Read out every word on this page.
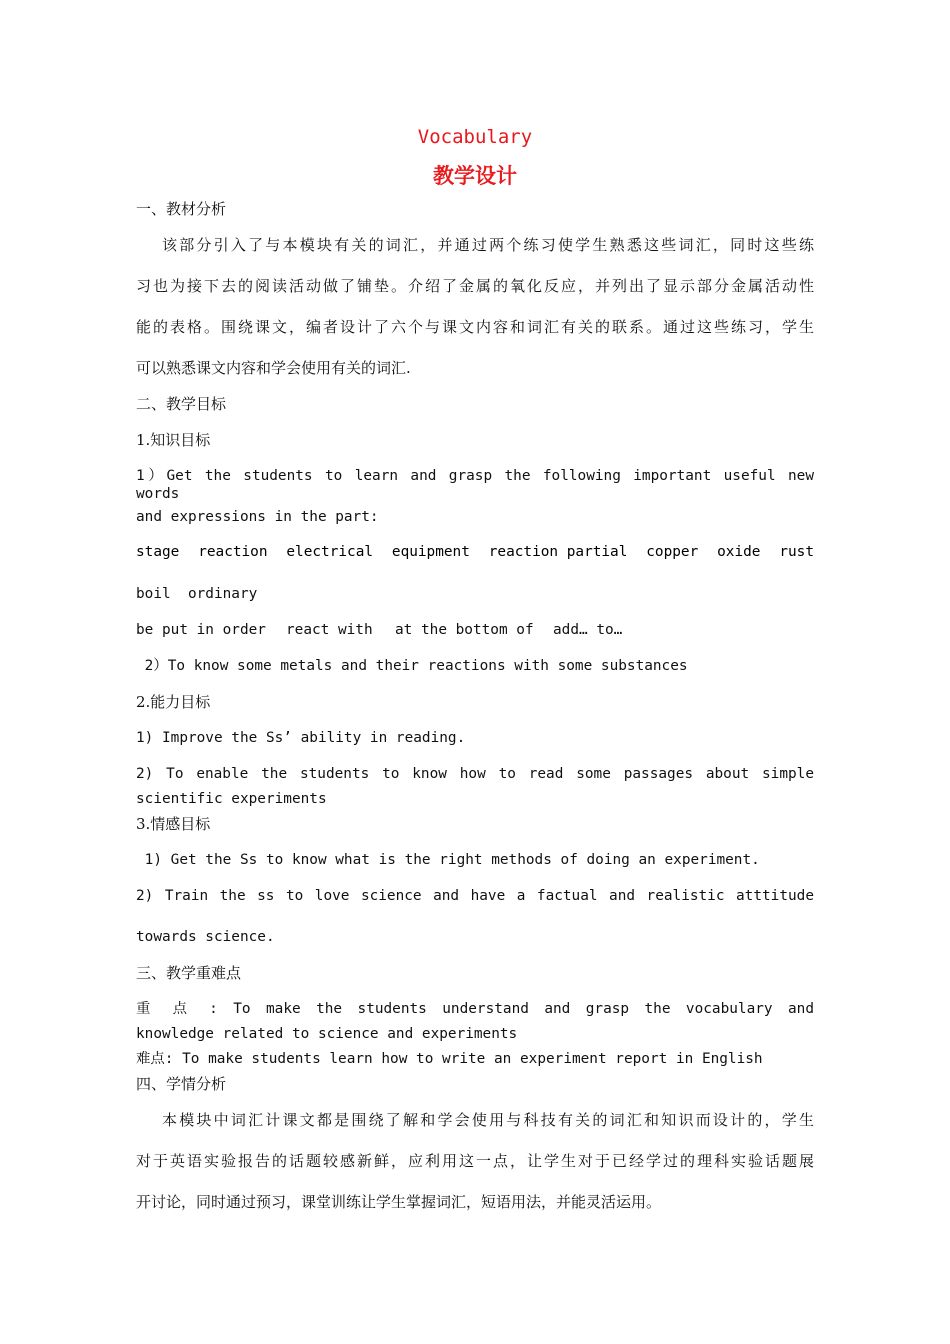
Vocabulary
教学设计
一、教材分析
该部分引入了与本模块有关的词汇，并通过两个练习使学生熟悉这些词汇，同时这些练
习也为接下去的阅读活动做了铺垫。介绍了金属的氧化反应，并列出了显示部分金属活动性
能的表格。围绕课文，编者设计了六个与课文内容和词汇有关的联系。通过这些练习，学生
可以熟悉课文内容和学会使用有关的词汇.
二、教学目标
1.知识目标
1）Get the students to learn and grasp the following important useful new words
and expressions in the part:
stage reaction electrical equipment reaction partial copper oxide rust
boil  ordinary
be put in order	react with	at the bottom of	add… to…
2）To know some metals and their reactions with some substances
2.能力目标
1) Improve the Ss’ ability in reading.
2) To enable the students to know how to read some passages about simple
scientific experiments
3.情感目标
1) Get the Ss to know what is the right methods of doing an experiment.
2) Train the ss to love science and have a factual and realistic atttitude
towards science.
三、教学重难点
重 点 : To make the students understand and grasp the vocabulary and
knowledge related to science and experiments
难点: To make students learn how to write an experiment report in English
四、学情分析
本模块中词汇计课文都是围绕了解和学会使用与科技有关的词汇和知识而设计的，学生
对于英语实验报告的话题较感新鲜，应利用这一点，让学生对于已经学过的理科实验话题展
开讨论，同时通过预习，课堂训练让学生掌握词汇，短语用法，并能灵活运用。
